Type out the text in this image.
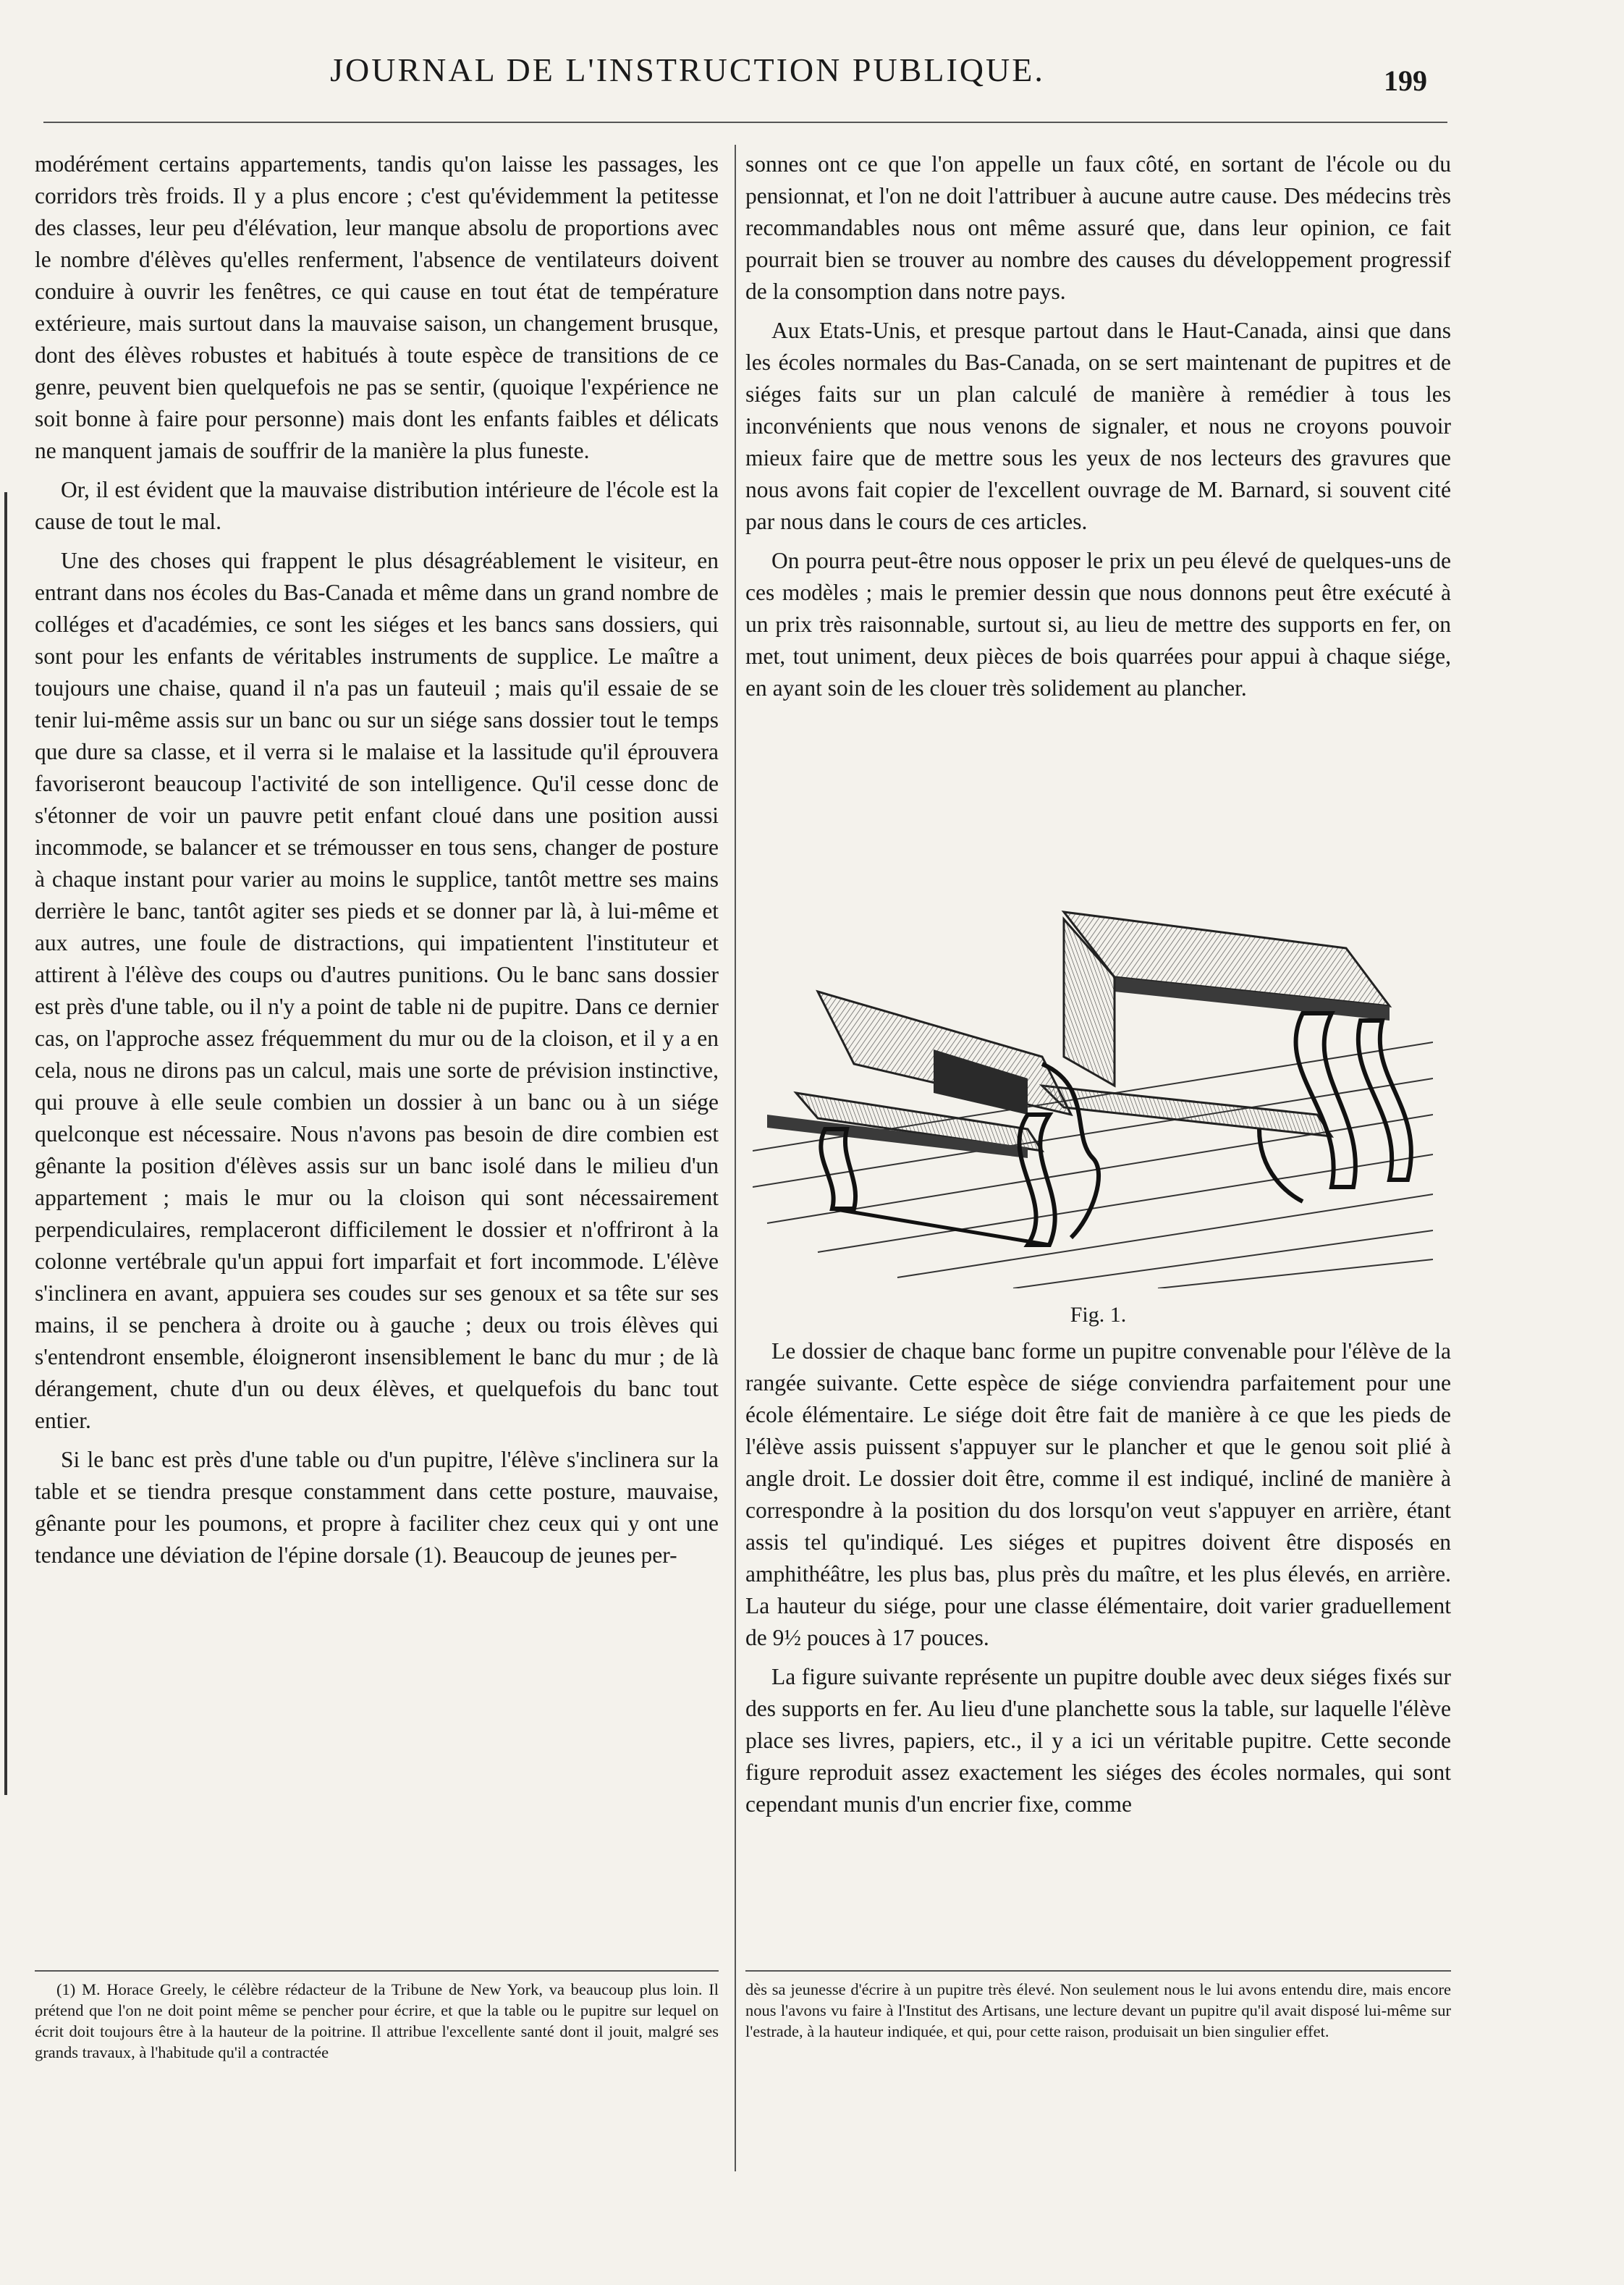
JOURNAL DE L'INSTRUCTION PUBLIQUE.	199

modérément certains appartements, tandis qu'on laisse les passages, les corridors très froids. Il y a plus encore ; c'est qu'évidemment la petitesse des classes, leur peu d'élévation, leur manque absolu de proportions avec le nombre d'élèves qu'elles renferment, l'absence de ventilateurs doivent conduire à ouvrir les fenêtres, ce qui cause en tout état de température extérieure, mais surtout dans la mauvaise saison, un changement brusque, dont des élèves robustes et habitués à toute espèce de transitions de ce genre, peuvent bien quelquefois ne pas se sentir, (quoique l'expérience ne soit bonne à faire pour personne) mais dont les enfants faibles et délicats ne manquent jamais de souffrir de la manière la plus funeste.

Or, il est évident que la mauvaise distribution intérieure de l'école est la cause de tout le mal.

Une des choses qui frappent le plus désagréablement le visiteur, en entrant dans nos écoles du Bas-Canada et même dans un grand nombre de colléges et d'académies, ce sont les siéges et les bancs sans dossiers, qui sont pour les enfants de véritables instruments de supplice. Le maître a toujours une chaise, quand il n'a pas un fauteuil ; mais qu'il essaie de se tenir lui-même assis sur un banc ou sur un siége sans dossier tout le temps que dure sa classe, et il verra si le malaise et la lassitude qu'il éprouvera favoriseront beaucoup l'activité de son intelligence. Qu'il cesse donc de s'étonner de voir un pauvre petit enfant cloué dans une position aussi incommode, se balancer et se trémousser en tous sens, changer de posture à chaque instant pour varier au moins le supplice, tantôt mettre ses mains derrière le banc, tantôt agiter ses pieds et se donner par là, à lui-même et aux autres, une foule de distractions, qui impatientent l'instituteur et attirent à l'élève des coups ou d'autres punitions. Ou le banc sans dossier est près d'une table, ou il n'y a point de table ni de pupitre. Dans ce dernier cas, on l'approche assez fréquemment du mur ou de la cloison, et il y a en cela, nous ne dirons pas un calcul, mais une sorte de prévision instinctive, qui prouve à elle seule combien un dossier à un banc ou à un siége quelconque est nécessaire. Nous n'avons pas besoin de dire combien est gênante la position d'élèves assis sur un banc isolé dans le milieu d'un appartement ; mais le mur ou la cloison qui sont nécessairement perpendiculaires, remplaceront difficilement le dossier et n'offriront à la colonne vertébrale qu'un appui fort imparfait et fort incommode. L'élève s'inclinera en avant, appuiera ses coudes sur ses genoux et sa tête sur ses mains, il se penchera à droite ou à gauche ; deux ou trois élèves qui s'entendront ensemble, éloigneront insensiblement le banc du mur ; de là dérangement, chute d'un ou deux élèves, et quelquefois du banc tout entier.

Si le banc est près d'une table ou d'un pupitre, l'élève s'inclinera sur la table et se tiendra presque constamment dans cette posture, mauvaise, gênante pour les poumons, et propre à faciliter chez ceux qui y ont une tendance une déviation de l'épine dorsale (1). Beaucoup de jeunes per-

sonnes ont ce que l'on appelle un faux côté, en sortant de l'école ou du pensionnat, et l'on ne doit l'attribuer à aucune autre cause. Des médecins très recommandables nous ont même assuré que, dans leur opinion, ce fait pourrait bien se trouver au nombre des causes du développement progressif de la consomption dans notre pays.

Aux Etats-Unis, et presque partout dans le Haut-Canada, ainsi que dans les écoles normales du Bas-Canada, on se sert maintenant de pupitres et de siéges faits sur un plan calculé de manière à remédier à tous les inconvénients que nous venons de signaler, et nous ne croyons pouvoir mieux faire que de mettre sous les yeux de nos lecteurs des gravures que nous avons fait copier de l'excellent ouvrage de M. Barnard, si souvent cité par nous dans le cours de ces articles.

On pourra peut-être nous opposer le prix un peu élevé de quelques-uns de ces modèles ; mais le premier dessin que nous donnons peut être exécuté à un prix très raisonnable, surtout si, au lieu de mettre des supports en fer, on met, tout uniment, deux pièces de bois quarrées pour appui à chaque siége, en ayant soin de les clouer très solidement au plancher.

Fig. 1.

Le dossier de chaque banc forme un pupitre convenable pour l'élève de la rangée suivante. Cette espèce de siége conviendra parfaitement pour une école élémentaire. Le siége doit être fait de manière à ce que les pieds de l'élève assis puissent s'appuyer sur le plancher et que le genou soit plié à angle droit. Le dossier doit être, comme il est indiqué, incliné de manière à correspondre à la position du dos lorsqu'on veut s'appuyer en arrière, étant assis tel qu'indiqué. Les siéges et pupitres doivent être disposés en amphithéâtre, les plus bas, plus près du maître, et les plus élevés, en arrière. La hauteur du siége, pour une classe élémentaire, doit varier graduellement de 9½ pouces à 17 pouces.

La figure suivante représente un pupitre double avec deux siéges fixés sur des supports en fer. Au lieu d'une planchette sous la table, sur laquelle l'élève place ses livres, papiers, etc., il y a ici un véritable pupitre. Cette seconde figure reproduit assez exactement les siéges des écoles normales, qui sont cependant munis d'un encrier fixe, comme

(1) M. Horace Greely, le célèbre rédacteur de la Tribune de New York, va beaucoup plus loin. Il prétend que l'on ne doit point même se pencher pour écrire, et que la table ou le pupitre sur lequel on écrit doit toujours être à la hauteur de la poitrine. Il attribue l'excellente santé dont il jouit, malgré ses grands travaux, à l'habitude qu'il a contractée

dès sa jeunesse d'écrire à un pupitre très élevé. Non seulement nous le lui avons entendu dire, mais encore nous l'avons vu faire à l'Institut des Artisans, une lecture devant un pupitre qu'il avait disposé lui-même sur l'estrade, à la hauteur indiquée, et qui, pour cette raison, produisait un bien singulier effet.
